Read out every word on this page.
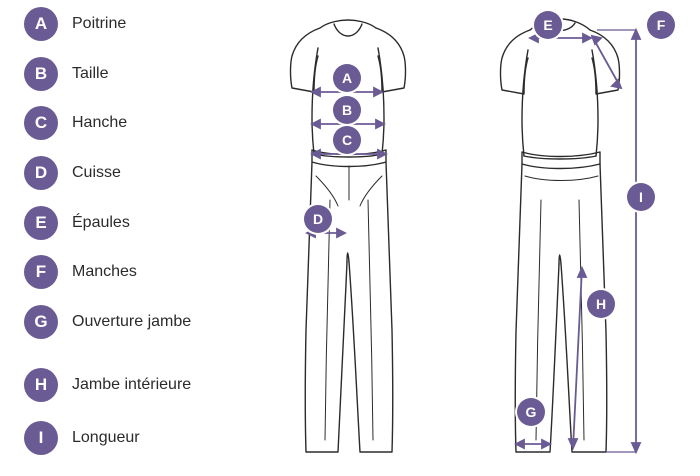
A	Poitrine
B	Taille
C	Hanche
D	Cuisse
E	Épaules
F	Manches
G	Ouverture jambe
H	Jambe intérieure
I	Longueur
A
B
C
D
E	F
I
H
G
